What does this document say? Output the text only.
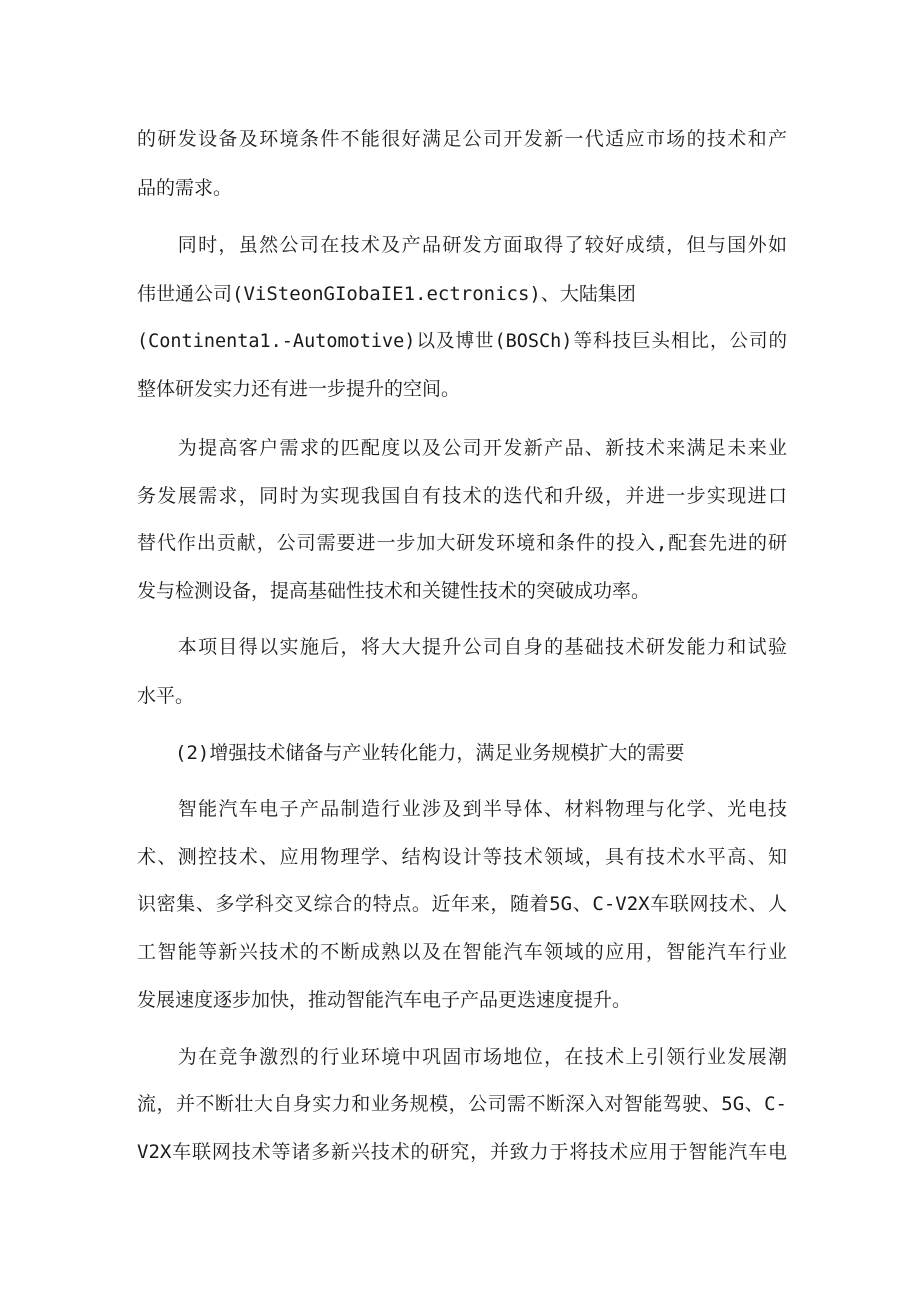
的研发设备及环境条件不能很好满足公司开发新一代适应市场的技术和产
品的需求。
　　同时，虽然公司在技术及产品研发方面取得了较好成绩，但与国外如
伟世通公司(ViSteonGIobaIE1.ectronics)、大陆集团
(Continenta1.-Automotive)以及博世(BOSCh)等科技巨头相比，公司的
整体研发实力还有进一步提升的空间。
　　为提高客户需求的匹配度以及公司开发新产品、新技术来满足未来业
务发展需求，同时为实现我国自有技术的迭代和升级，并进一步实现进口
替代作出贡献，公司需要进一步加大研发环境和条件的投入,配套先进的研
发与检测设备，提高基础性技术和关键性技术的突破成功率。
　　本项目得以实施后，将大大提升公司自身的基础技术研发能力和试验
水平。
　　(2)增强技术储备与产业转化能力，满足业务规模扩大的需要
　　智能汽车电子产品制造行业涉及到半导体、材料物理与化学、光电技
术、测控技术、应用物理学、结构设计等技术领域，具有技术水平高、知
识密集、多学科交叉综合的特点。近年来，随着5G、C-V2X车联网技术、人
工智能等新兴技术的不断成熟以及在智能汽车领域的应用，智能汽车行业
发展速度逐步加快，推动智能汽车电子产品更迭速度提升。
　　为在竞争激烈的行业环境中巩固市场地位，在技术上引领行业发展潮
流，并不断壮大自身实力和业务规模，公司需不断深入对智能驾驶、5G、C-
V2X车联网技术等诸多新兴技术的研究，并致力于将技术应用于智能汽车电
